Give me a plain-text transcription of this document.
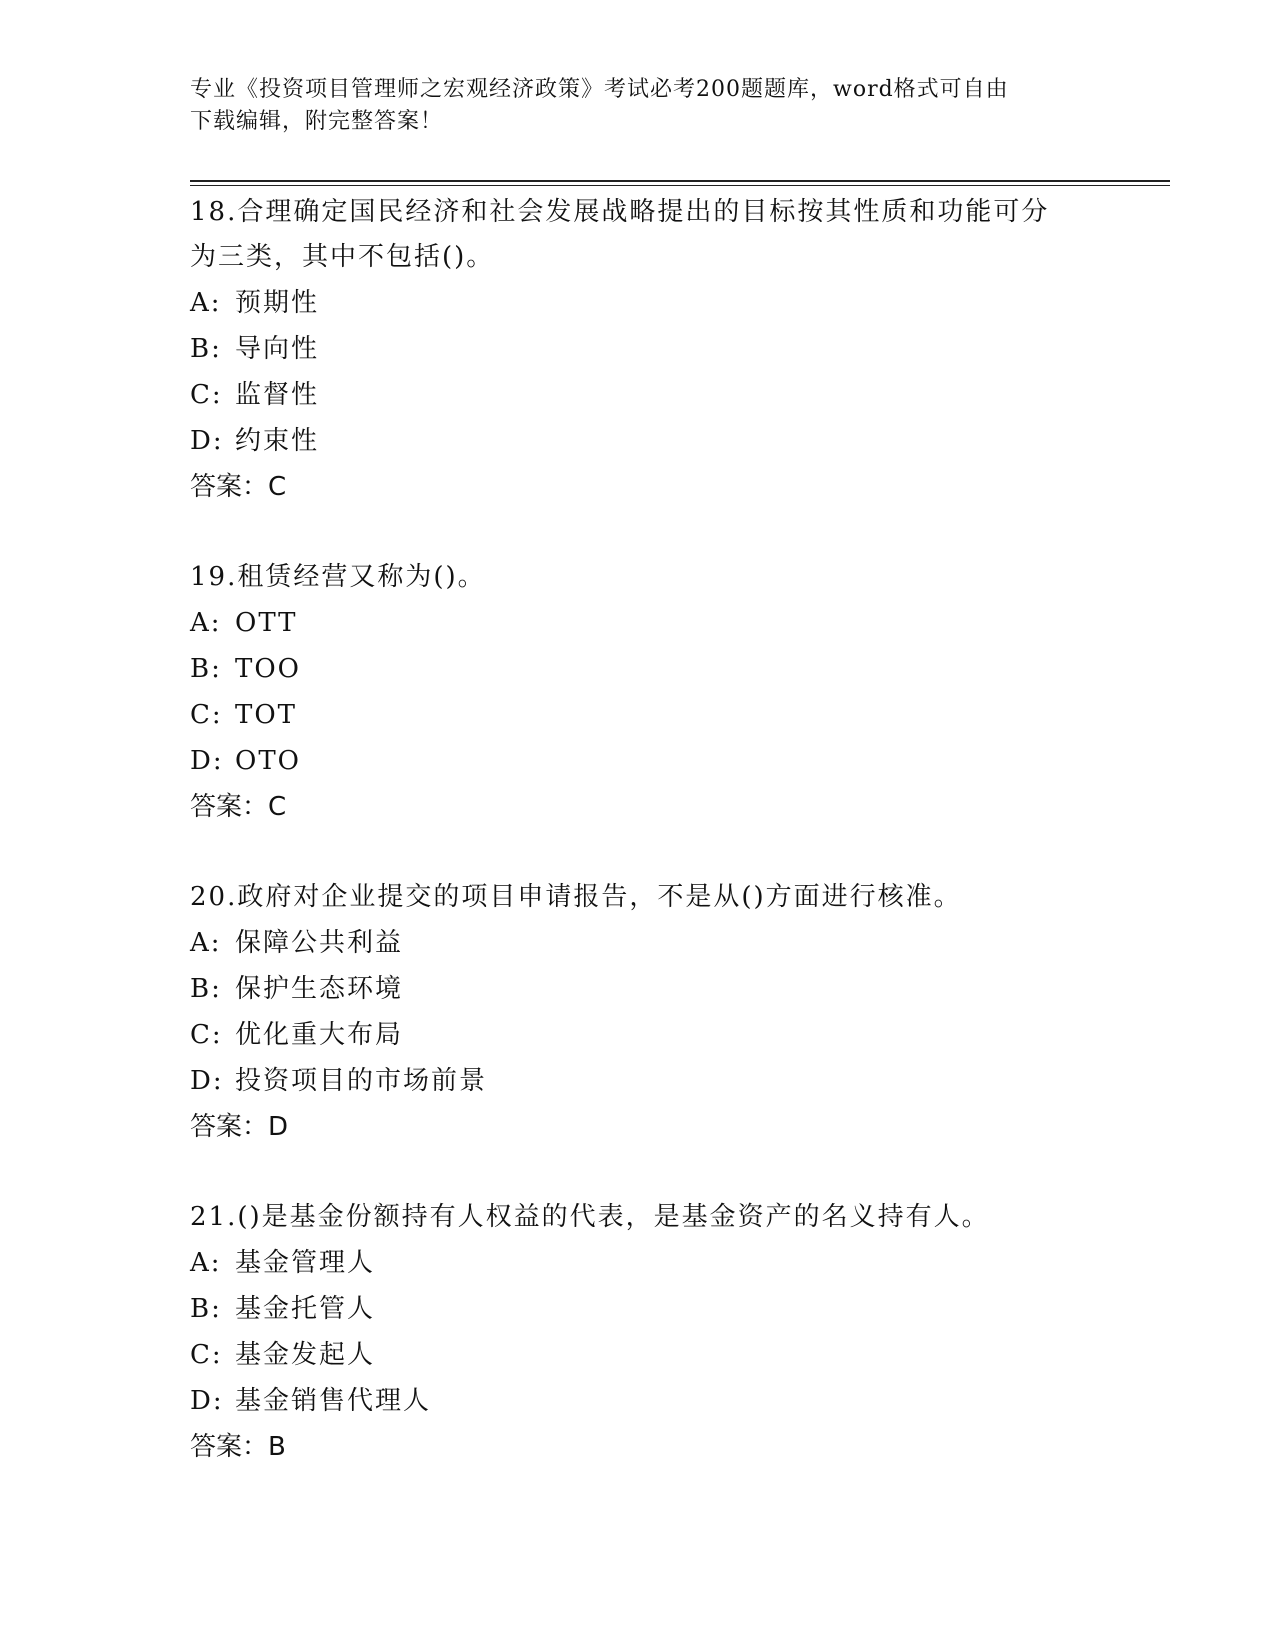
专业《投资项目管理师之宏观经济政策》考试必考200题题库，word格式可自由
下载编辑，附完整答案！

18.合理确定国民经济和社会发展战略提出的目标按其性质和功能可分

为三类，其中不包括()。

A: 预期性
B: 导向性
C: 监督性
D: 约束性

答案：C

19.租赁经营又称为()。

A: OTT
B: TOO
C: TOT
D: OTO

答案：C

20.政府对企业提交的项目申请报告，不是从()方面进行核准。

A: 保障公共利益
B: 保护生态环境
C: 优化重大布局
D: 投资项目的市场前景

答案：D

21.()是基金份额持有人权益的代表，是基金资产的名义持有人。

A: 基金管理人
B: 基金托管人
C: 基金发起人
D: 基金销售代理人

答案：B
